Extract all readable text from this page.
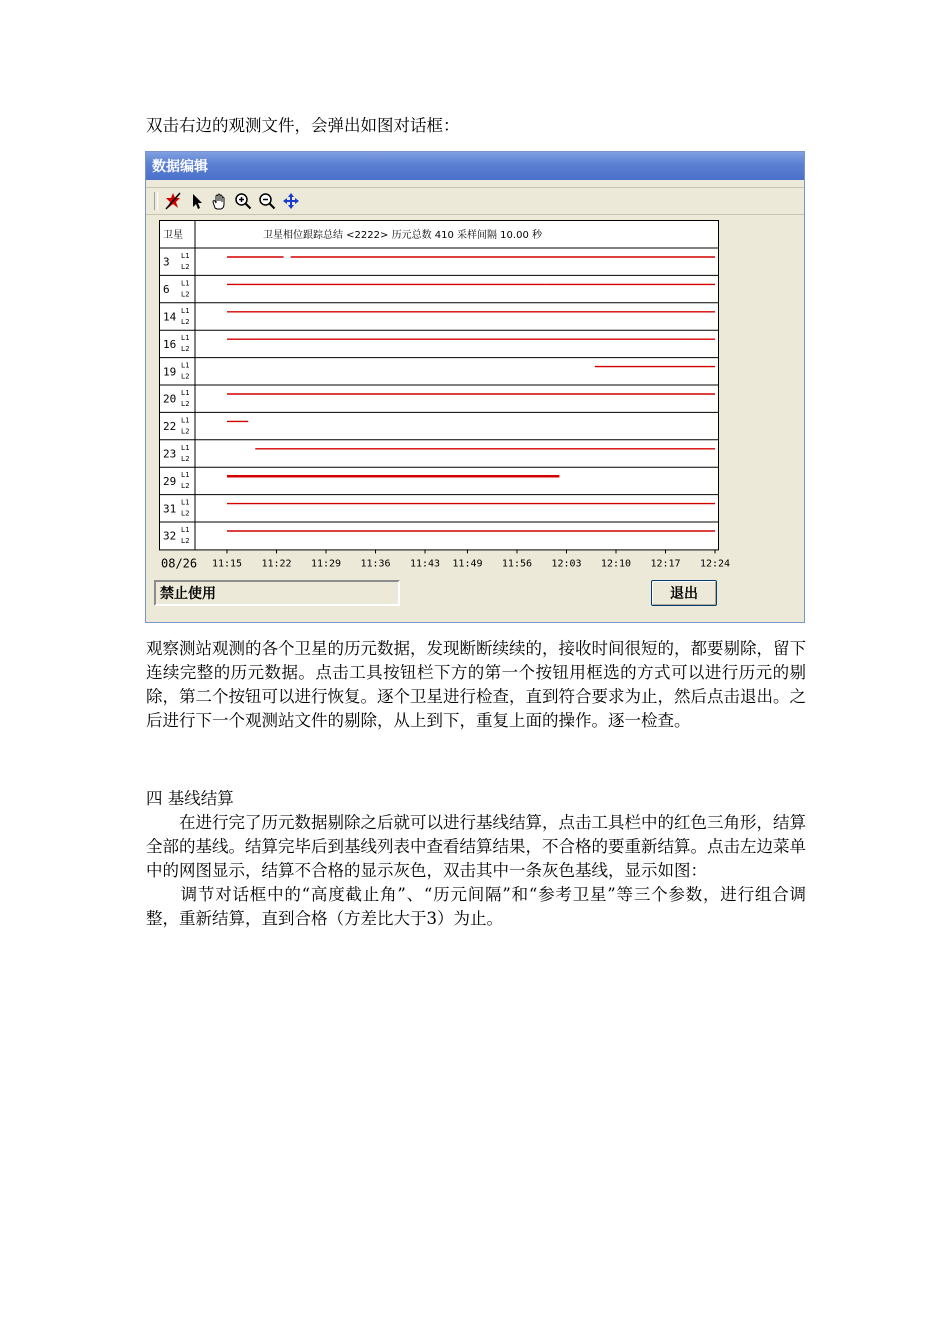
双击右边的观测文件，会弹出如图对话框：

数据编辑
卫星	卫星相位跟踪总结 <2222> 历元总数 410 采样间隔 10.00 秒
3 L1
L2
6 L1
L2
14 L1
L2
16 L1
L2
19 L1
L2
20 L1
L2
22 L1
L2
23 L1
L2
29 L1
L2
31 L1
L2
32 L1
L2
08/26 11:15 11:22 11:29 11:36 11:43 11:49 11:56 12:03 12:10 12:17 12:24
禁止使用	退出

观察测站观测的各个卫星的历元数据，发现断断续续的，接收时间很短的，都要剔除，留下连续完整的历元数据。点击工具按钮栏下方的第一个按钮用框选的方式可以进行历元的剔除，第二个按钮可以进行恢复。逐个卫星进行检查，直到符合要求为止，然后点击退出。之后进行下一个观测站文件的剔除，从上到下，重复上面的操作。逐一检查。

四 基线结算

　　在进行完了历元数据剔除之后就可以进行基线结算，点击工具栏中的红色三角形，结算全部的基线。结算完毕后到基线列表中查看结算结果，不合格的要重新结算。点击左边菜单中的网图显示，结算不合格的显示灰色，双击其中一条灰色基线，显示如图：
　　调节对话框中的“高度截止角”、“历元间隔”和“参考卫星”等三个参数，进行组合调整，重新结算，直到合格（方差比大于3）为止。
